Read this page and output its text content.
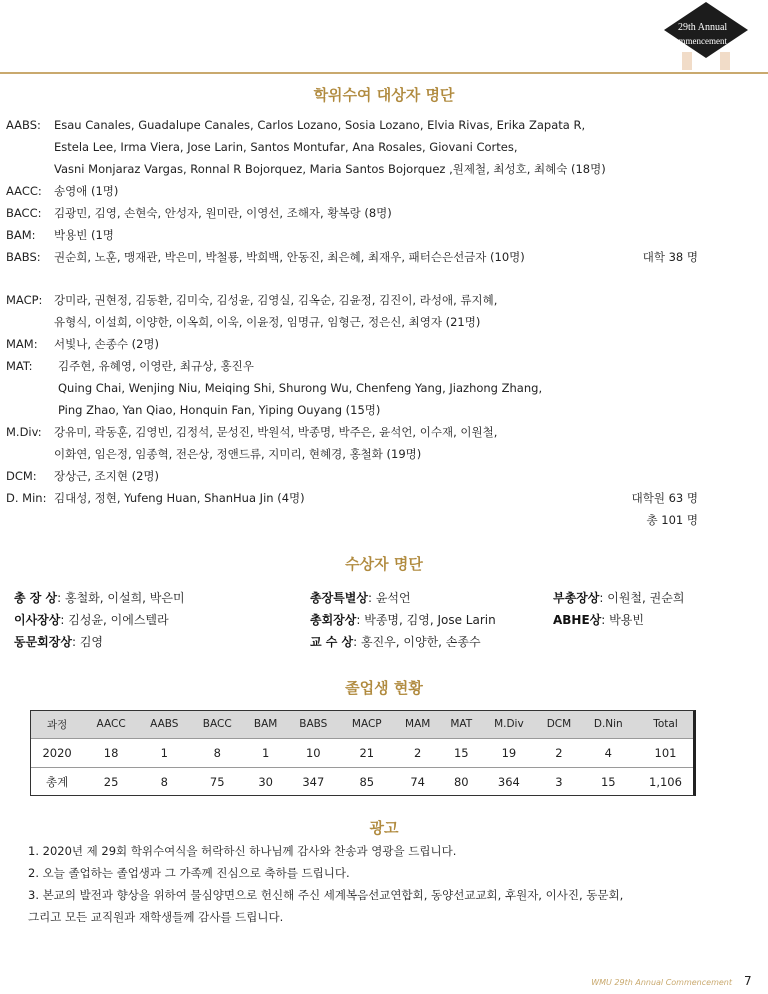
29th Annual
Commencement
학위수여 대상자 명단
AABS: Esau Canales, Guadalupe Canales, Carlos Lozano, Sosia Lozano, Elvia Rivas, Erika Zapata R,
Estela Lee, Irma Viera, Jose Larin, Santos Montufar, Ana Rosales, Giovani Cortes,
Vasni Monjaraz Vargas, Ronnal R Bojorquez, Maria Santos Bojorquez ,원제철, 최성호, 최혜숙 (18명)
AACC: 송영애 (1명)
BACC: 김광민, 김영, 손현숙, 안성자, 원미란, 이영선, 조해자, 황복랑 (8명)
BAM: 박용빈 (1명
BABS: 권순희, 노훈, 맹재관, 박은미, 박철룡, 박희백, 안동진, 최은혜, 최재우, 패터슨은선금자 (10명)	대학 38 명
MACP: 강미라, 권현정, 김동환, 김미숙, 김성윤, 김영실, 김옥순, 김윤정, 김진이, 라성애, 류지혜,
유형식, 이설희, 이양한, 이옥희, 이욱, 이윤정, 임명규, 임형근, 정은신, 최영자 (21명)
MAM: 서빛나, 손종수 (2명)
MAT: 김주현, 유혜영, 이영란, 최규상, 홍진우
Quing Chai, Wenjing Niu, Meiqing Shi, Shurong Wu, Chenfeng Yang, Jiazhong Zhang,
Ping Zhao, Yan Qiao, Honquin Fan, Yiping Ouyang (15명)
M.Div: 강유미, 곽동훈, 김영빈, 김정석, 문성진, 박원석, 박종명, 박주은, 윤석언, 이수재, 이원철,
이화연, 임은정, 임종혁, 전은상, 정앤드류, 지미리, 현혜경, 홍철화 (19명)
DCM: 장상근, 조지현 (2명)
D. Min: 김대성, 정현, Yufeng Huan, ShanHua Jin (4명)	대학원 63 명
총 101 명
수상자 명단
총 장 상: 홍철화, 이설희, 박은미	총장특별상: 윤석언	부총장상: 이원철, 권순희
이사장상: 김성윤, 이에스텔라	총회장상: 박종명, 김영, Jose Larin	ABHE상: 박용빈
동문회장상: 김영	교 수 상: 홍진우, 이양한, 손종수
졸업생 현황
과정	AACC	AABS	BACC	BAM	BABS	MACP	MAM	MAT	M.Div	DCM	D.Nin	Total
2020	18	1	8	1	10	21	2	15	19	2	4	101
총계	25	8	75	30	347	85	74	80	364	3	15	1,106
광고
1. 2020년 제 29회 학위수여식을 허락하신 하나님께 감사와 찬송과 영광을 드립니다.
2. 오늘 졸업하는 졸업생과 그 가족께 진심으로 축하를 드립니다.
3. 본교의 발전과 향상을 위하여 물심양면으로 헌신해 주신 세계복음선교연합회, 동양선교교회, 후원자, 이사진, 동문회,
그리고 모든 교직원과 재학생들께 감사를 드립니다.
WMU 29th Annual Commencement 7
